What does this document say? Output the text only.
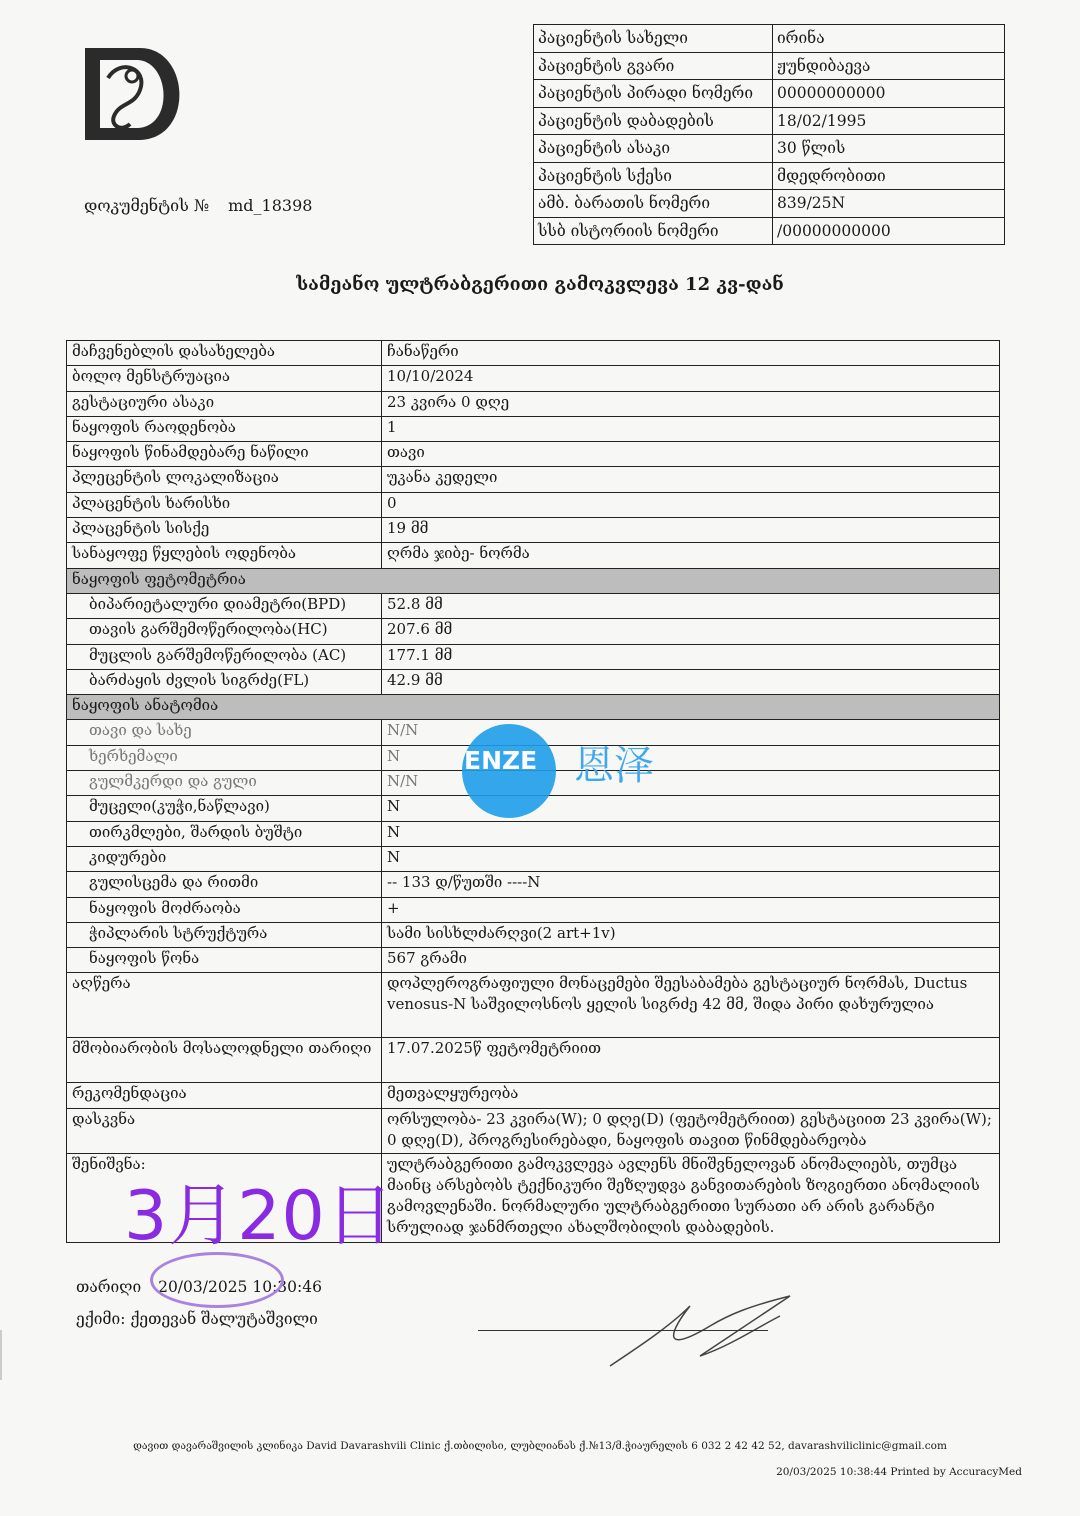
დოკუმენტის № md_18398
პაციენტის სახელი	ირინა
პაციენტის გვარი	ჟუნდიბაევა
პაციენტის პირადი ნომერი	00000000000
პაციენტის დაბადების	18/02/1995
პაციენტის ასაკი	30 წლის
პაციენტის სქესი	მდედრობითი
ამბ. ბარათის ნომერი	839/25N
სსბ ისტორიის ნომერი	/00000000000
სამეანო ულტრაბგერითი გამოკვლევა 12 კვ-დან
მაჩვენებლის დასახელება	ჩანაწერი
ბოლო მენსტრუაცია	10/10/2024
გესტაციური ასაკი	23 კვირა 0 დღე
ნაყოფის რაოდენობა	1
ნაყოფის წინამდებარე ნაწილი	თავი
პლეცენტის ლოკალიზაცია	უკანა კედელი
პლაცენტის ხარისხი	0
პლაცენტის სისქე	19 მმ
სანაყოფე წყლების ოდენობა	ღრმა ჯიბე- ნორმა
ნაყოფის ფეტომეტრია	
ბიპარიეტალური დიამეტრი(BPD)	52.8 მმ
თავის გარშემოწერილობა(HC)	207.6 მმ
მუცლის გარშემოწერილობა (AC)	177.1 მმ
ბარძაყის ძვლის სიგრძე(FL)	42.9 მმ
ნაყოფის ანატომია	
თავი და სახე	N/N
ხერხემალი	N
გულმკერდი და გული	N/N
მუცელი(კუჭი,ნაწლავი)	N
თირკმლები, შარდის ბუშტი	N
კიდურები	N
გულისცემა და რითმი	-- 133 დ/წუთში ----N
ნაყოფის მოძრაობა	+
ჭიპლარის სტრუქტურა	სამი სისხლძარღვი(2 art+1v)
ნაყოფის წონა	567 გრამი
აღწერა	დოპლეროგრაფიული მონაცემები შეესაბამება გესტაციურ ნორმას, Ductus venosus-N საშვილოსნოს ყელის სიგრძე 42 მმ, შიდა პირი დახურულია
მშობიარობის მოსალოდნელი თარიღი	17.07.2025წ ფეტომეტრიით
რეკომენდაცია	მეთვალყურეობა
დასკვნა	ორსულობა- 23 კვირა(W); 0 დღე(D) (ფეტომეტრიით) გესტაციით 23 კვირა(W); 0 დღე(D), პროგრესირებადი, ნაყოფის თავით წინმდებარეობა
შენიშვნა:	ულტრაბგერითი გამოკვლევა ავლენს მნიშვნელოვან ანომალიებს, თუმცა მაინც არსებობს ტექნიკური შეზღუდვა განვითარების ზოგიერთი ანომალიის გამოვლენაში. ნორმალური ულტრაბგერითი სურათი არ არის გარანტი სრულიად ჯანმრთელი ახალშობილის დაბადების.
ENZE 恩泽
3月20日
თარიღი 20/03/2025 10:30:46
ექიმი: ქეთევან შალუტაშვილი
დავით დავარაშვილის კლინიკა David Davarashvili Clinic ქ.თბილისი, ლუბლიანას ქ.№13/მ.ჭიაურელის 6 032 2 42 42 52, davarashviliclinic@gmail.com
20/03/2025 10:38:44 Printed by AccuracyMed
